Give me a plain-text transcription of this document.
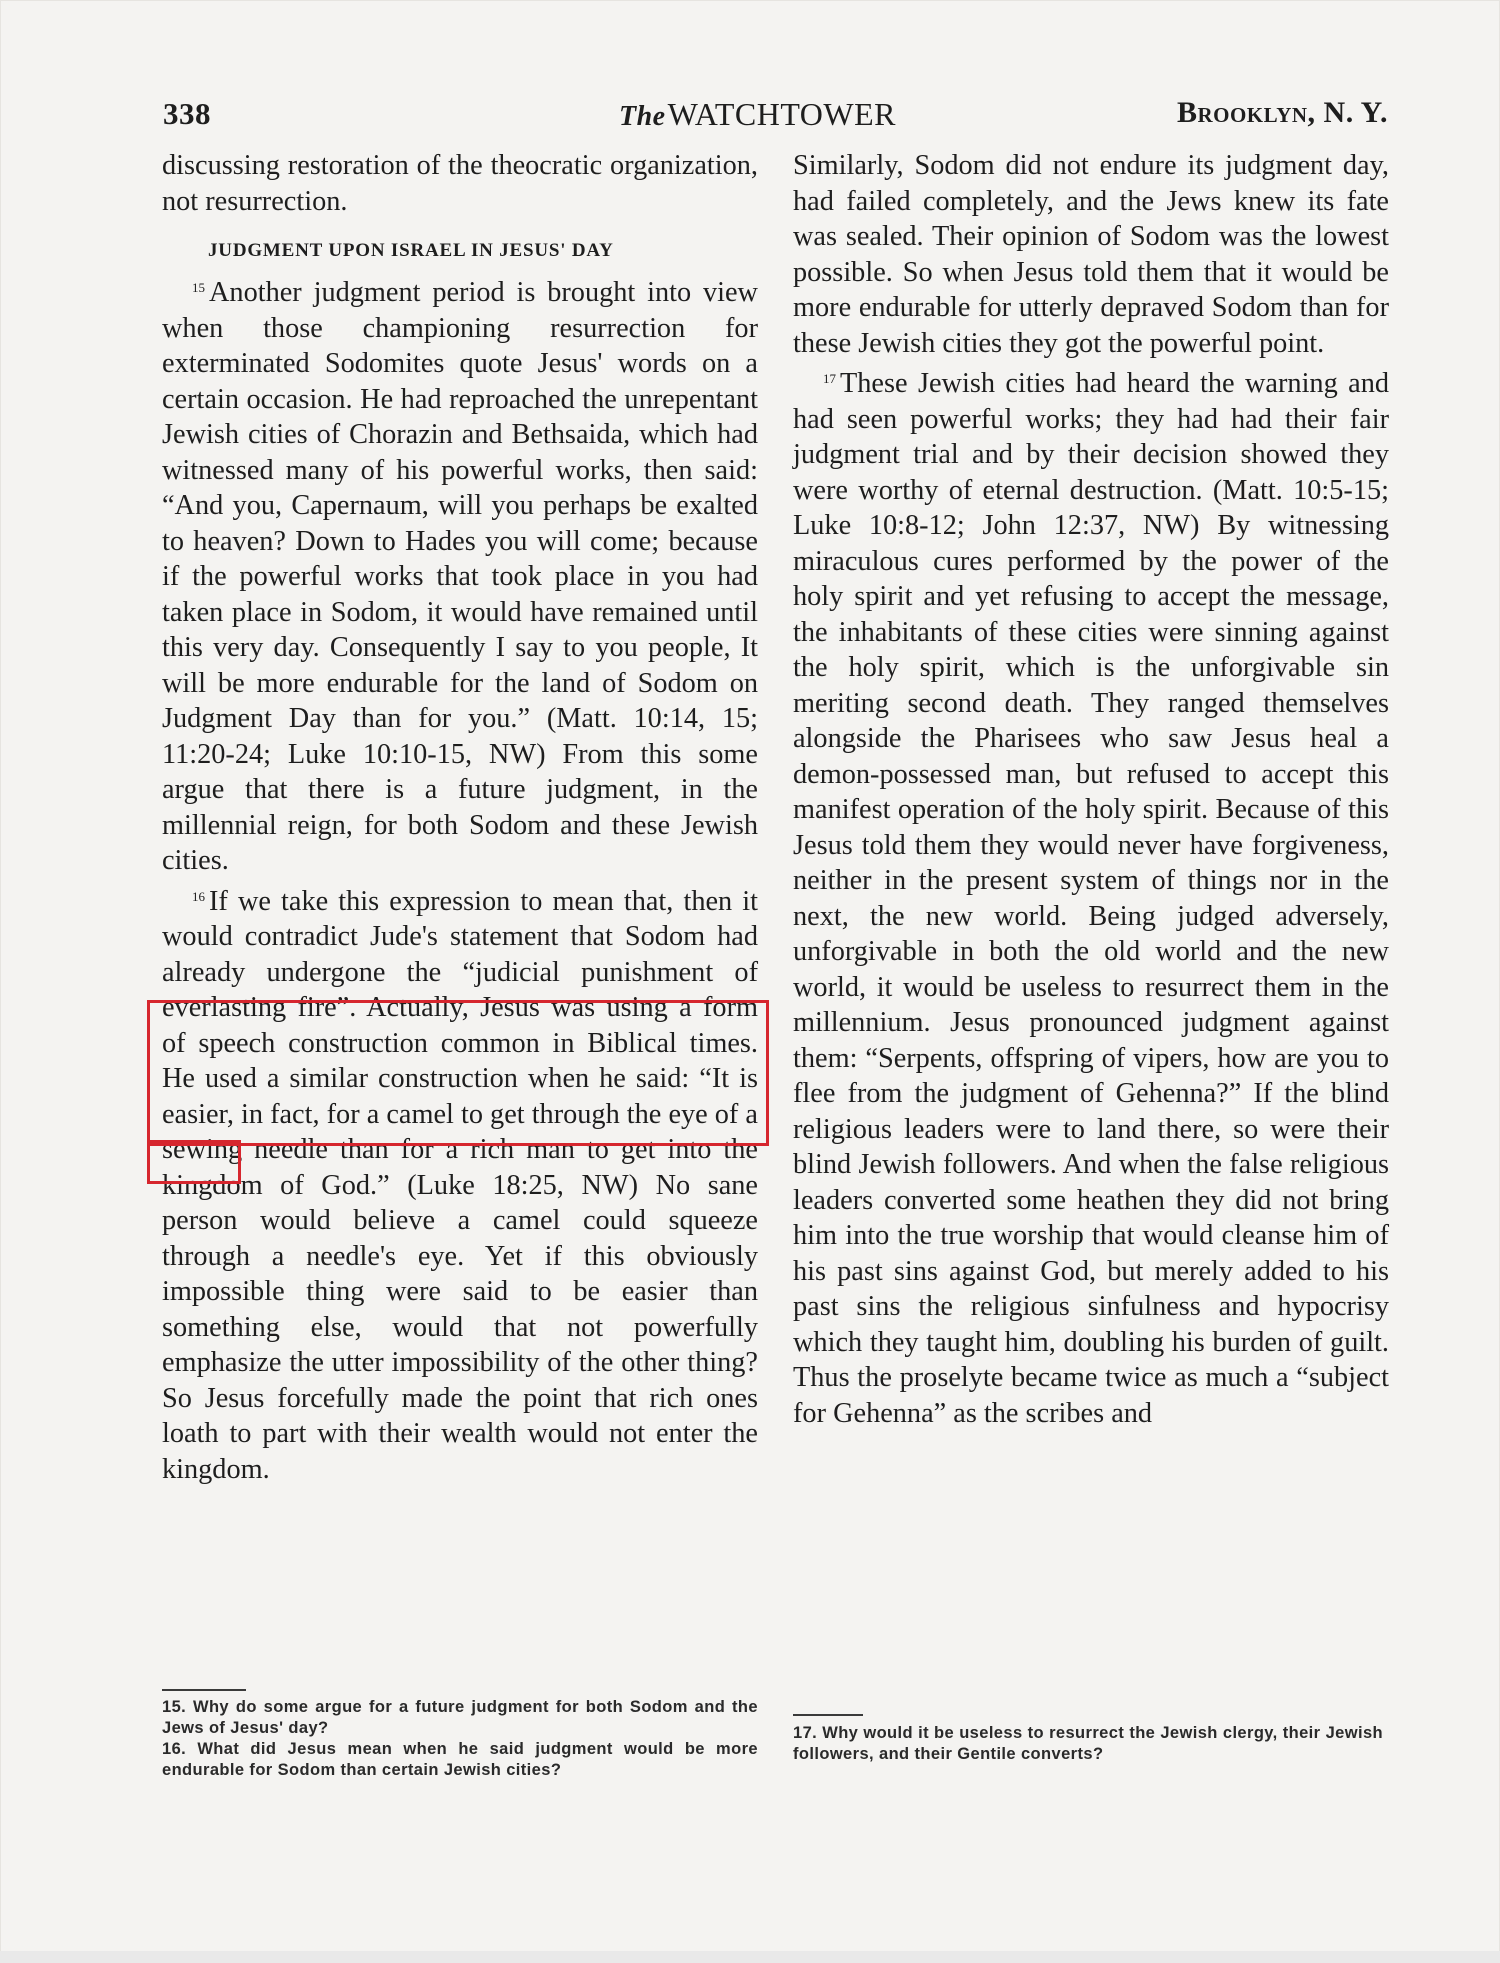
338	TheWATCHTOWER	Brooklyn, N. Y.

discussing restoration of the theocratic organization, not resurrection.

JUDGMENT UPON ISRAEL IN JESUS' DAY

$^{15}$ Another judgment period is brought into view when those championing resurrection for exterminated Sodomites quote Jesus' words on a certain occasion. He had reproached the unrepentant Jewish cities of Chorazin and Bethsaida, which had witnessed many of his powerful works, then said: “And you, Capernaum, will you perhaps be exalted to heaven? Down to Hades you will come; because if the powerful works that took place in you had taken place in Sodom, it would have remained until this very day. Consequently I say to you people, It will be more endurable for the land of Sodom on Judgment Day than for you.” (Matt. 10:14, 15; 11:20-24; Luke 10:10-15, NW) From this some argue that there is a future judgment, in the millennial reign, for both Sodom and these Jewish cities.

$^{16}$ If we take this expression to mean that, then it would contradict Jude's statement that Sodom had already undergone the “judicial punishment of everlasting fire”. Actually, Jesus was using a form of speech construction common in Biblical times. He used a similar construction when he said: “It is easier, in fact, for a camel to get through the eye of a sewing needle than for a rich man to get into the kingdom of God.” (Luke 18:25, NW) No sane person would believe a camel could squeeze through a needle's eye. Yet if this obviously impossible thing were said to be easier than something else, would that not powerfully emphasize the utter impossibility of the other thing? So Jesus forcefully made the point that rich ones loath to part with their wealth would not enter the kingdom.

Similarly, Sodom did not endure its judgment day, had failed completely, and the Jews knew its fate was sealed. Their opinion of Sodom was the lowest possible. So when Jesus told them that it would be more endurable for utterly depraved Sodom than for these Jewish cities they got the powerful point.

$^{17}$ These Jewish cities had heard the warning and had seen powerful works; they had had their fair judgment trial and by their decision showed they were worthy of eternal destruction. (Matt. 10:5-15; Luke 10:8-12; John 12:37, NW) By witnessing miraculous cures performed by the power of the holy spirit and yet refusing to accept the message, the inhabitants of these cities were sinning against the holy spirit, which is the unforgivable sin meriting second death. They ranged themselves alongside the Pharisees who saw Jesus heal a demon-possessed man, but refused to accept this manifest operation of the holy spirit. Because of this Jesus told them they would never have forgiveness, neither in the present system of things nor in the next, the new world. Being judged adversely, unforgivable in both the old world and the new world, it would be useless to resurrect them in the millennium. Jesus pronounced judgment against them: “Serpents, offspring of vipers, how are you to flee from the judgment of Gehenna?” If the blind religious leaders were to land there, so were their blind Jewish followers. And when the false religious leaders converted some heathen they did not bring him into the true worship that would cleanse him of his past sins against God, but merely added to his past sins the religious sinfulness and hypocrisy which they taught him, doubling his burden of guilt. Thus the proselyte became twice as much a “subject for Gehenna” as the scribes and

15. Why do some argue for a future judgment for both Sodom and the Jews of Jesus' day?

16. What did Jesus mean when he said judgment would be more endurable for Sodom than certain Jewish cities?

17. Why would it be useless to resurrect the Jewish clergy, their Jewish followers, and their Gentile converts?
